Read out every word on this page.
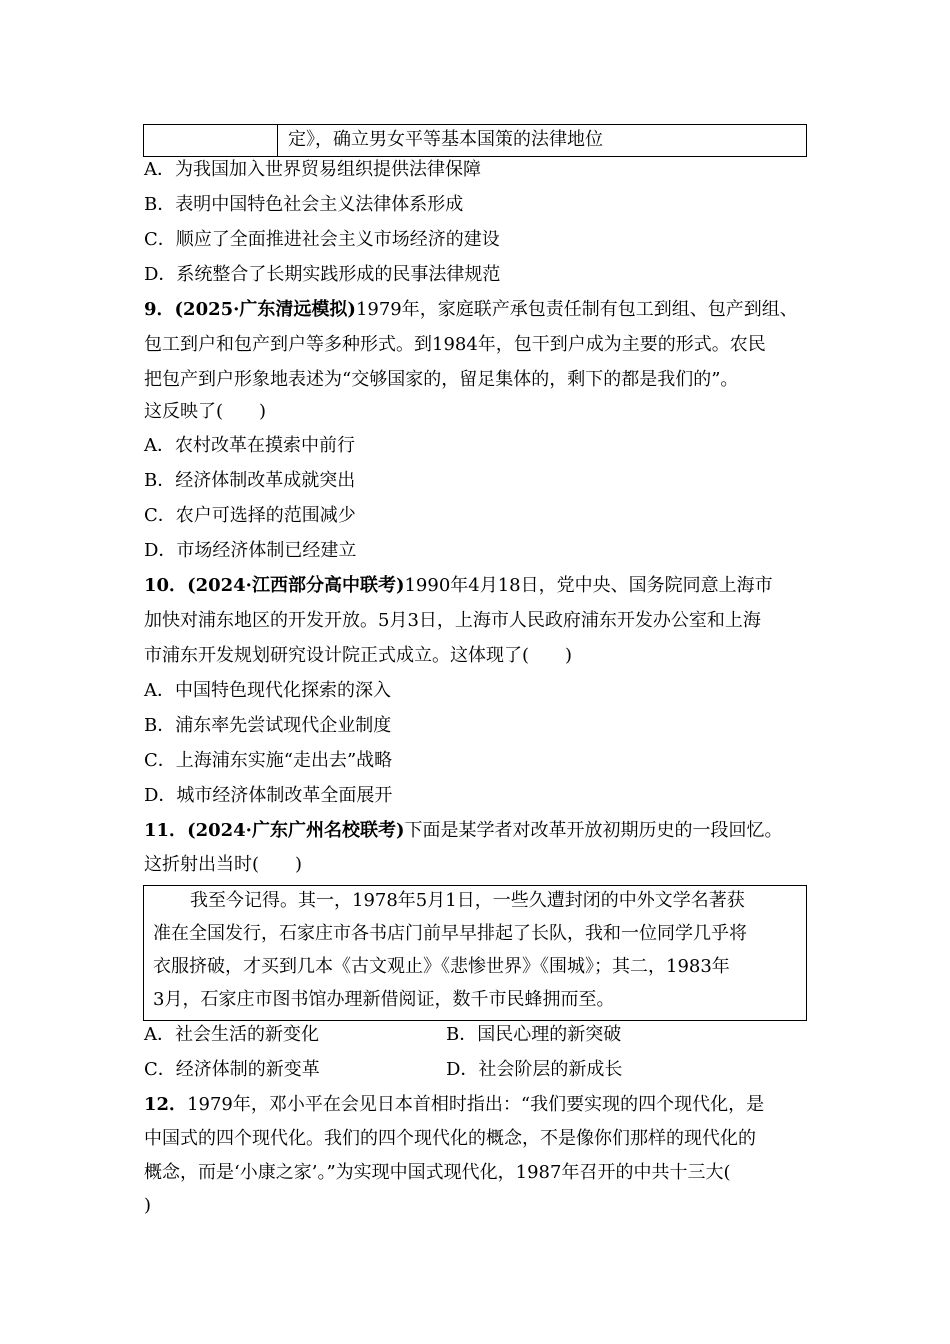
定》，确立男女平等基本国策的法律地位
A．为我国加入世界贸易组织提供法律保障
B．表明中国特色社会主义法律体系形成
C．顺应了全面推进社会主义市场经济的建设
D．系统整合了长期实践形成的民事法律规范
9．(2025·广东清远模拟)1979年，家庭联产承包责任制有包工到组、包产到组、
包工到户和包产到户等多种形式。到1984年，包干到户成为主要的形式。农民
把包产到户形象地表述为“交够国家的，留足集体的，剩下的都是我们的”。
这反映了(　　)
A．农村改革在摸索中前行
B．经济体制改革成就突出
C．农户可选择的范围减少
D．市场经济体制已经建立
10．(2024·江西部分高中联考)1990年4月18日，党中央、国务院同意上海市
加快对浦东地区的开发开放。5月3日，上海市人民政府浦东开发办公室和上海
市浦东开发规划研究设计院正式成立。这体现了(　　)
A．中国特色现代化探索的深入
B．浦东率先尝试现代企业制度
C．上海浦东实施“走出去”战略
D．城市经济体制改革全面展开
11．(2024·广东广州名校联考)下面是某学者对改革开放初期历史的一段回忆。
这折射出当时(　　)
我至今记得。其一，1978年5月1日，一些久遭封闭的中外文学名著获
准在全国发行，石家庄市各书店门前早早排起了长队，我和一位同学几乎将
衣服挤破，才买到几本《古文观止》《悲惨世界》《围城》；其二，1983年
3月，石家庄市图书馆办理新借阅证，数千市民蜂拥而至。
A．社会生活的新变化	B．国民心理的新突破
C．经济体制的新变革	D．社会阶层的新成长
12．1979年，邓小平在会见日本首相时指出：“我们要实现的四个现代化，是
中国式的四个现代化。我们的四个现代化的概念，不是像你们那样的现代化的
概念，而是‘小康之家’。”为实现中国式现代化，1987年召开的中共十三大(
)
